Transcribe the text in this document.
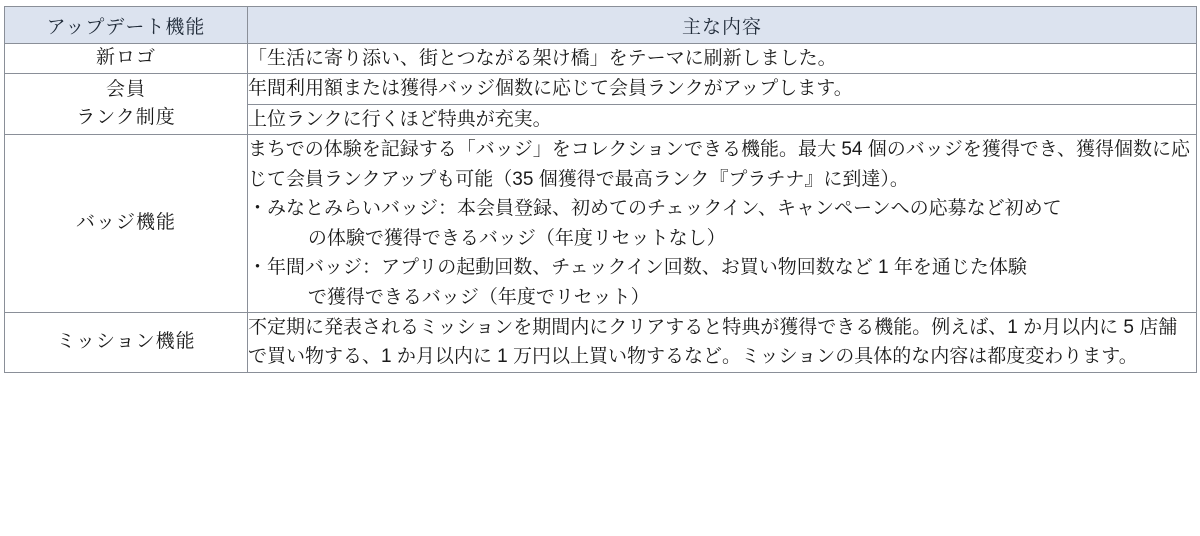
アップデート機能	主な内容
新ロゴ	「生活に寄り添い、街とつながる架け橋」をテーマに刷新しました。

会員
ランク制度	年間利用額または獲得バッジ個数に応じて会員ランクがアップします。

	上位ランクに行くほど特典が充実。

バッジ機能	まちでの体験を記録する「バッジ」をコレクションできる機能。最大 54 個のバッジを獲得でき、獲得個数に応じて会員ランクアップも可能（35 個獲得で最高ランク『プラチナ』に到達）。
・みなとみらいバッジ：本会員登録、初めてのチェックイン、キャンペーンへの応募など初めて
の体験で獲得できるバッジ（年度リセットなし）
・年間バッジ：アプリの起動回数、チェックイン回数、お買い物回数など 1 年を通じた体験
で獲得できるバッジ（年度でリセット）

ミッション機能	不定期に発表されるミッションを期間内にクリアすると特典が獲得できる機能。例えば、1 か月以内に 5 店舗で買い物する、1 か月以内に 1 万円以上買い物するなど。ミッションの具体的な内容は都度変わります。
